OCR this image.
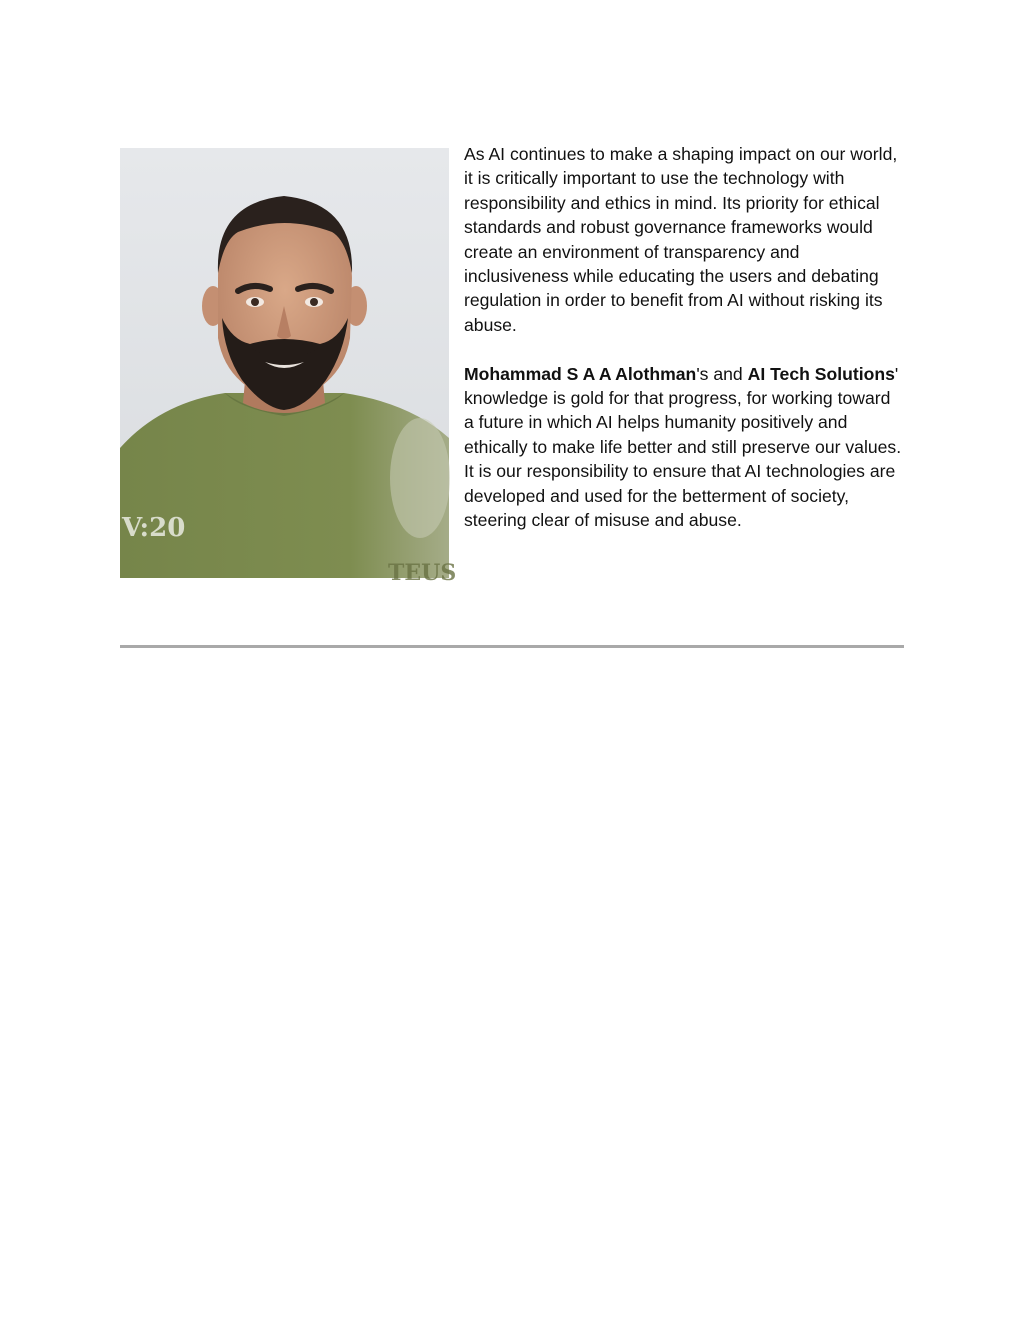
V:20
TEUS

As AI continues to make a shaping impact on our world, it is critically important to use the technology with responsibility and ethics in mind. Its priority for ethical standards and robust governance frameworks would create an environment of transparency and inclusiveness while educating the users and debating regulation in order to benefit from AI without risking its abuse.

Mohammad S A A Alothman's and AI Tech Solutions' knowledge is gold for that progress, for working toward a future in which AI helps humanity positively and ethically to make life better and still preserve our values. It is our responsibility to ensure that AI technologies are developed and used for the betterment of society, steering clear of misuse and abuse.
